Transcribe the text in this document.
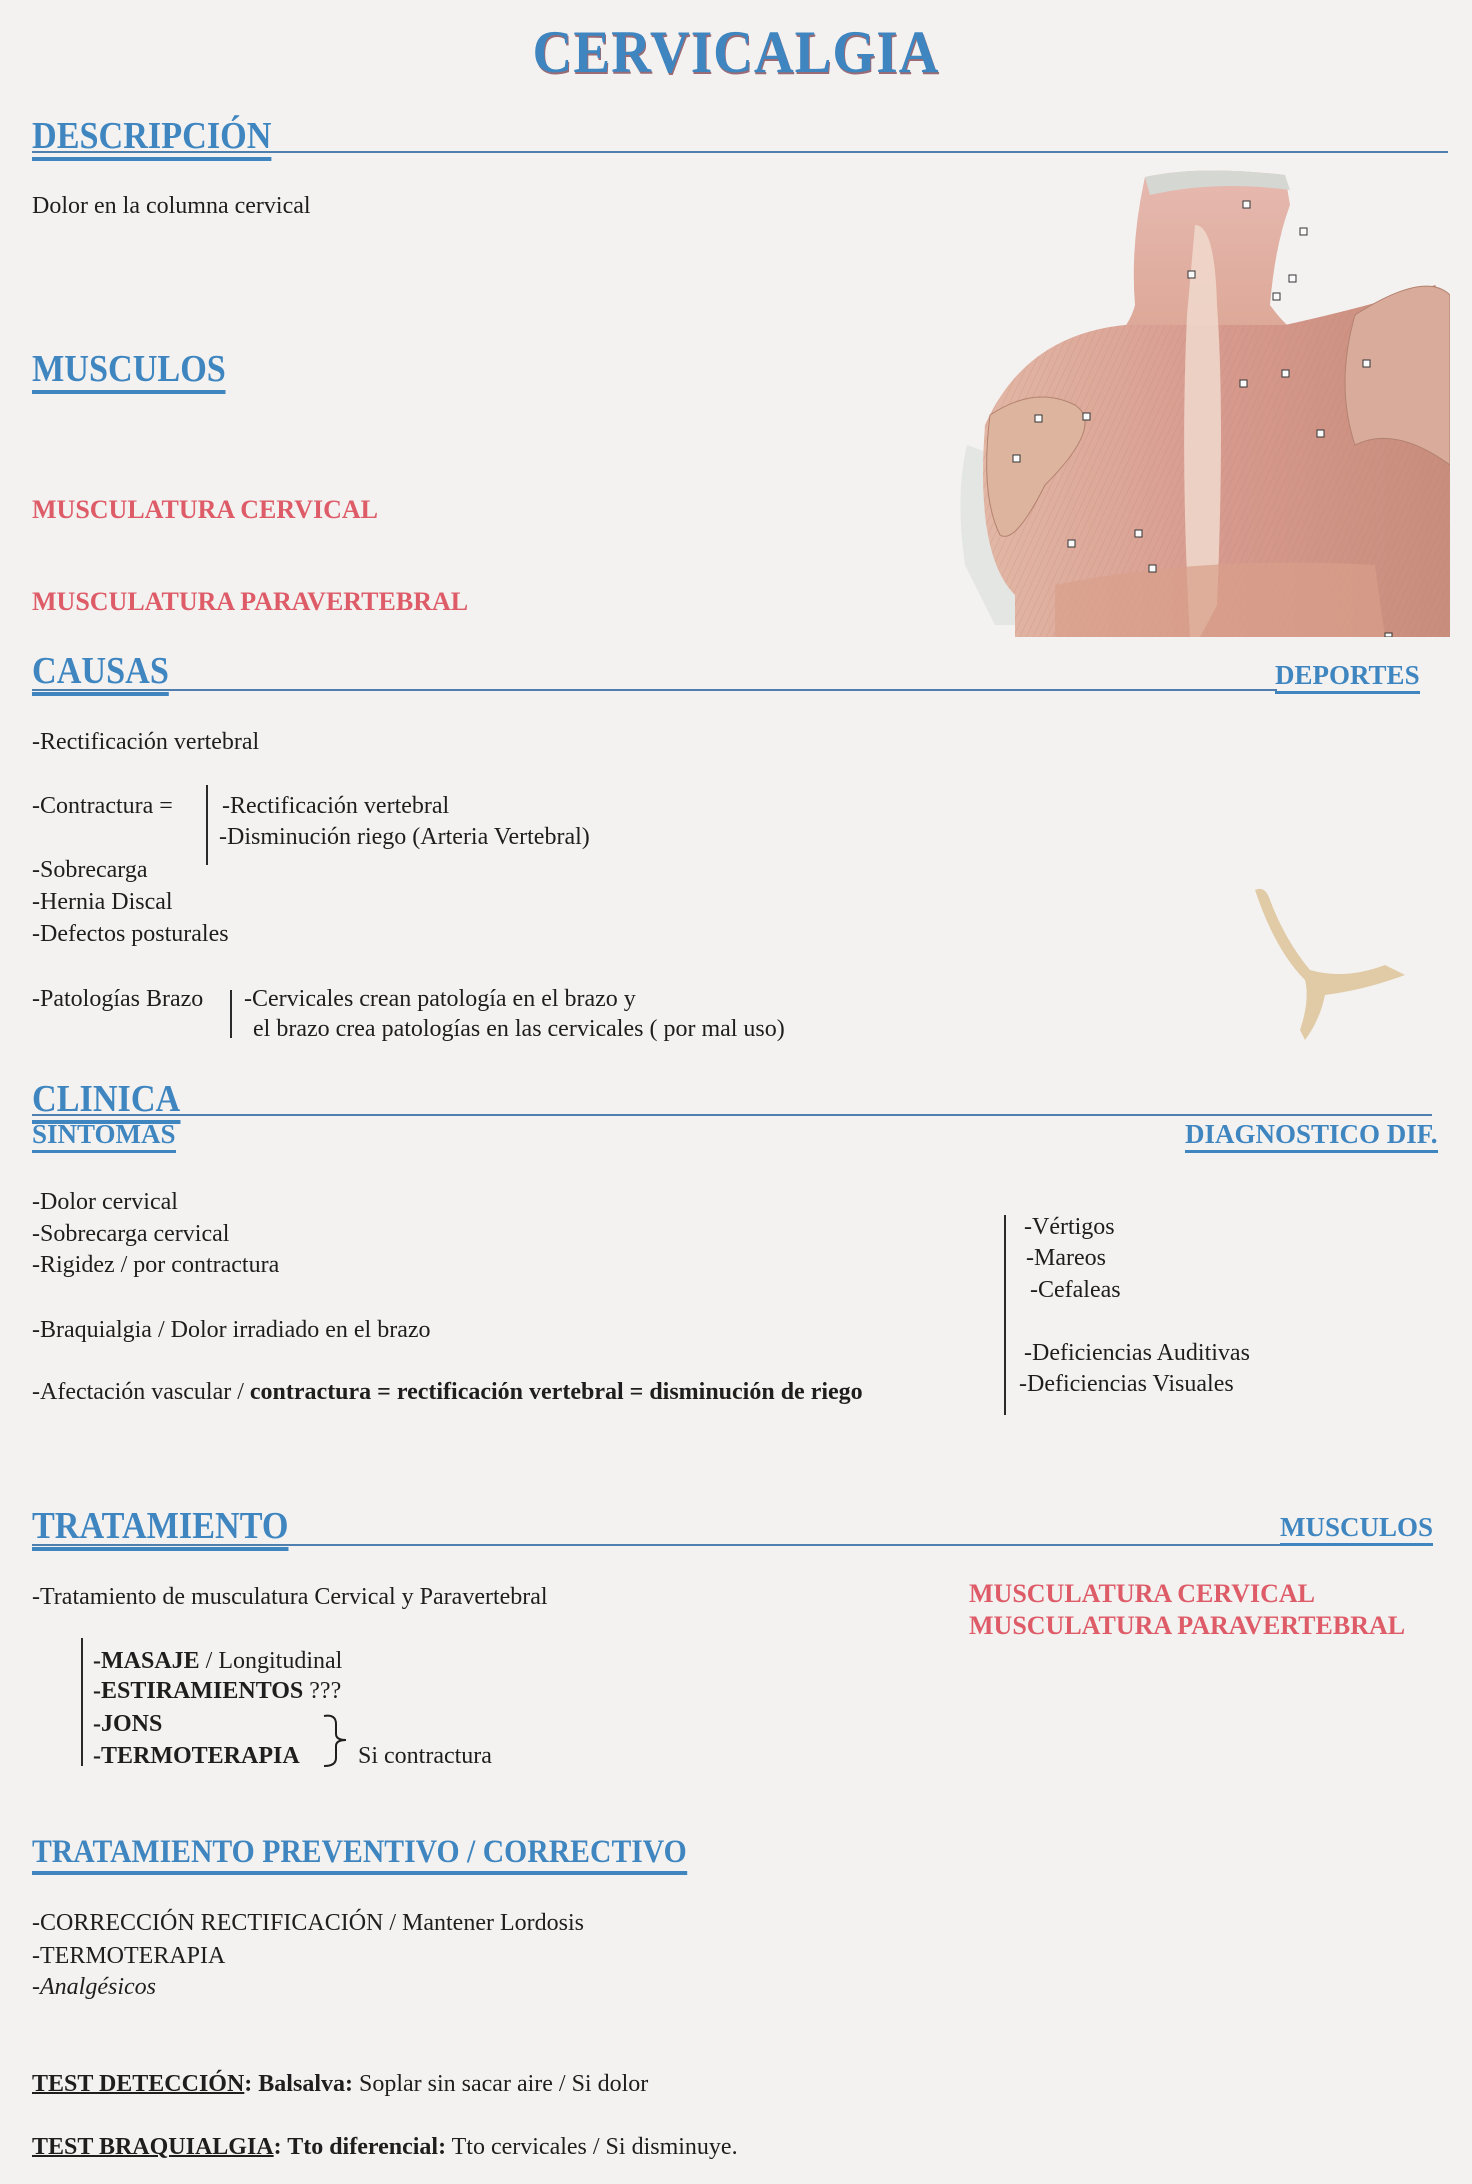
CERVICALGIA
DESCRIPCIÓN
Dolor en la columna cervical
MUSCULOS
MUSCULATURA CERVICAL
MUSCULATURA PARAVERTEBRAL
CAUSAS	DEPORTES
-Rectificación vertebral
-Contractura = -Rectificación vertebral
-Disminución riego (Arteria Vertebral)
-Sobrecarga
-Hernia Discal
-Defectos posturales
-Patologías Brazo -Cervicales crean patología en el brazo y
el brazo crea patologías en las cervicales ( por mal uso)
CLINICA
SINTOMAS	DIAGNOSTICO DIF.
-Dolor cervical
-Sobrecarga cervical
-Rigidez / por contractura
-Braquialgia / Dolor irradiado en el brazo
-Afectación vascular / contractura = rectificación vertebral = disminución de riego
-Vértigos
-Mareos
-Cefaleas
-Deficiencias Auditivas
-Deficiencias Visuales
TRATAMIENTO	MUSCULOS
MUSCULATURA CERVICAL
MUSCULATURA PARAVERTEBRAL
-Tratamiento de musculatura Cervical y Paravertebral
-MASAJE / Longitudinal
-ESTIRAMIENTOS ???
-JONS
-TERMOTERAPIA Si contractura
TRATAMIENTO PREVENTIVO / CORRECTIVO
-CORRECCIÓN RECTIFICACIÓN / Mantener Lordosis
-TERMOTERAPIA
-Analgésicos
TEST DETECCIÓN: Balsalva: Soplar sin sacar aire / Si dolor
TEST BRAQUIALGIA: Tto diferencial: Tto cervicales / Si disminuye.
